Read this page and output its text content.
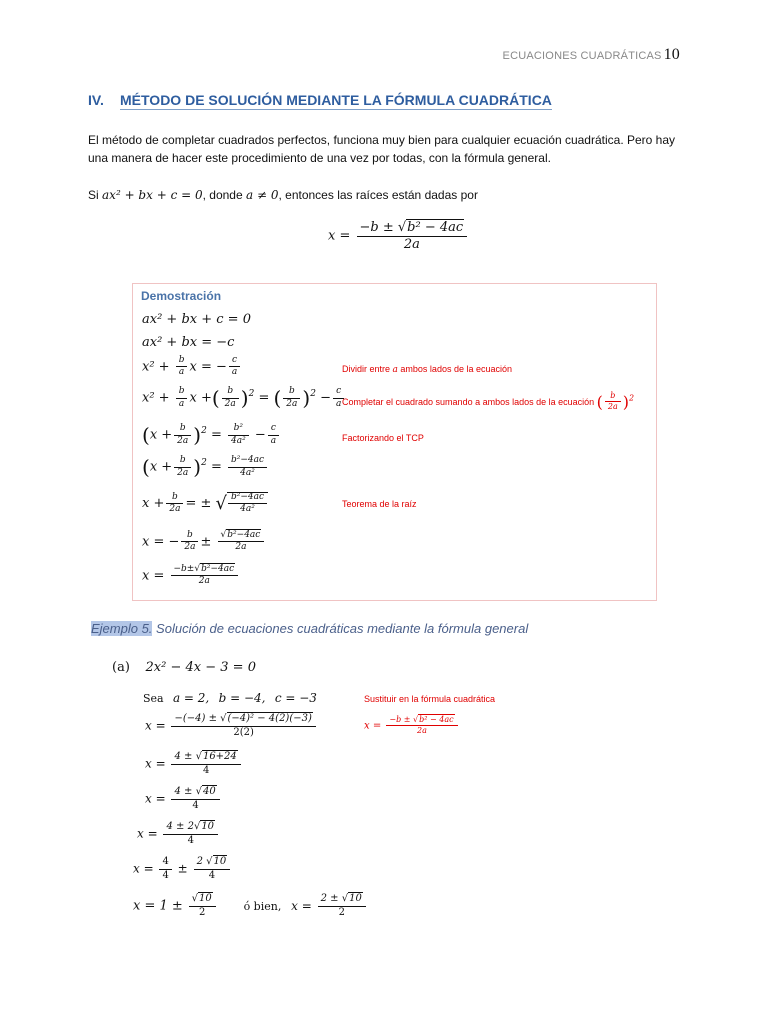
ECUACIONES CUADRÁTICAS 10
IV. MÉTODO DE SOLUCIÓN MEDIANTE LA FÓRMULA CUADRÁTICA
El método de completar cuadrados perfectos, funciona muy bien para cualquier ecuación cuadrática. Pero hay una manera de hacer este procedimiento de una vez por todas, con la fórmula general.
Si ax² + bx + c = 0, donde a ≠ 0, entonces las raíces están dadas por
$x = \frac{\text{−b ± √b² − 4ac}}{2a}$
Demostración
ax² + bx + c = 0
ax² + bx = −c
$x^2 + \frac{b}{a}$ x = − $\frac{c}{a}$	Dividir entre a ambos lados de la ecuación
$x^2 + \frac{b}{a}$ x +( $\frac{b}{2a} )^2$ = ( $\frac{b}{2a} )^2 - \frac{c}{a}$
Completar el cuadrado sumando a ambos lados de la ecuación ( $\frac{b}{2a} )^2$
$(x + \frac{b}{2a} )^2 = \frac{\text{b²}}{\text{4a²}} - \frac{c}{a}$	Factorizando el TCP
$(x + \frac{b}{2a} )^2 = \frac{\text{b²−4ac}}{\text{4a²}}$
$x + \frac{b}{2a}$ = ± √ $\frac{\text{b²−4ac}}{\text{4a²}}$	Teorema de la raíz
x = − $\frac{b}{2a} \pm \frac{\text{√b²−4ac}}{2a}$
$x = \frac{\text{−b±√b²−4ac}}{2a}$
Ejemplo 5. Solución de ecuaciones cuadráticas mediante la fórmula general
(a) 2x² − 4x − 3 = 0
Sea a = 2, b = −4, c = −3	Sustituir en la fórmula cuadrática
$x = \frac{\text{−b ± √b² − 4ac}}{2a}$
$x = \frac{\text{−(−4) ± √(−4)² − 4(2)(−3)}}{2(2)}$
$x = \frac{4 \pm √16+24}{4}$
$x = \frac{4 \pm √40}{4}$
$x = \frac{4 \pm 2√10}{4}$
$x = \frac{4}{4} \pm \frac{2 √10}{4}$
$x = 1 \pm \frac{√10}{2}$	ó bien, $x = \frac{2 \pm √10}{2}$
